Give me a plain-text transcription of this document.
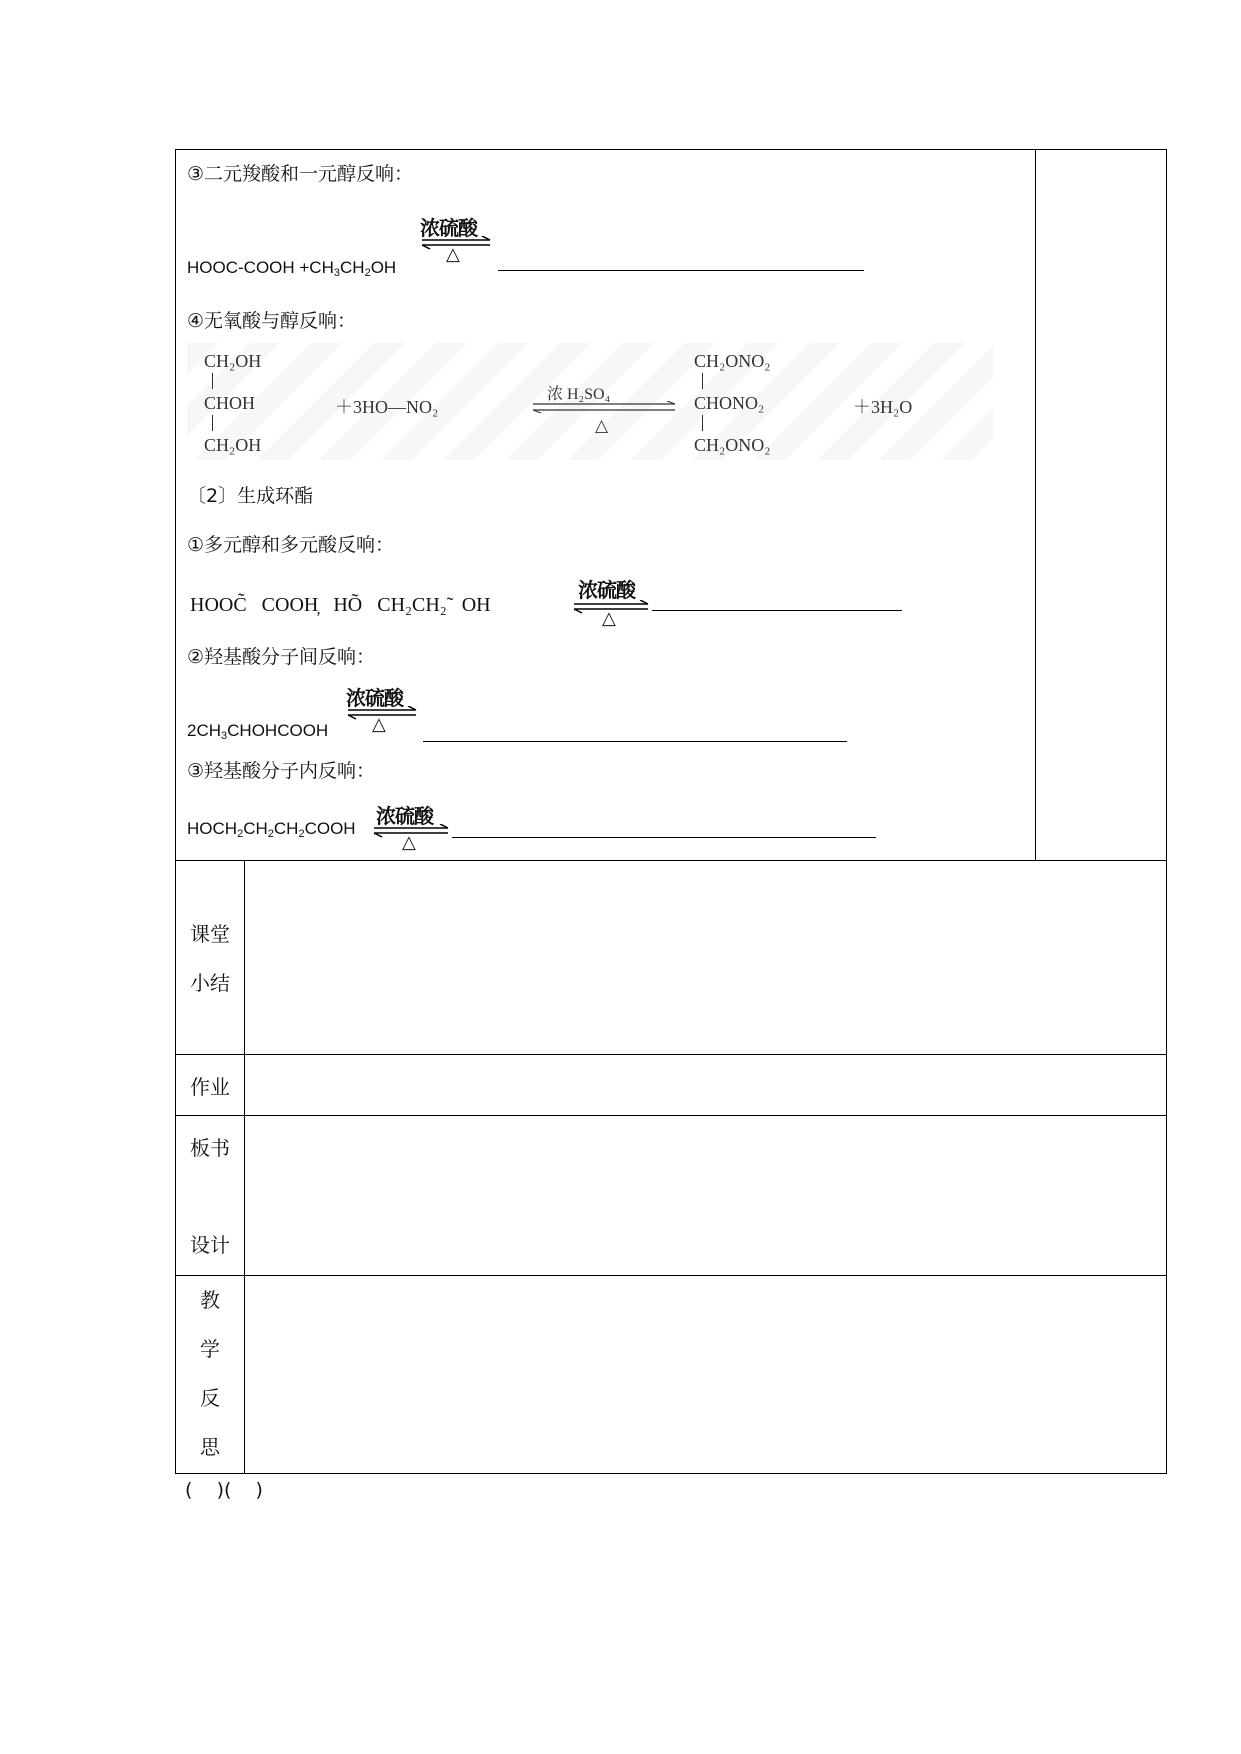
③二元羧酸和一元醇反响：
HOOC-COOH $+CH_3CH_2OH$
浓硫酸
△
④无氧酸与醇反响：
CH₂OH
CHOH
CH₂OH
＋3HO—NO₂
浓 H₂SO₄
△
CH₂ONO₂
CHONO₂
CH₂ONO₂
＋3H₂O
〔2〕生成环酯
①多元醇和多元酸反响：
HOOC̃   COOH̦   HÕ   CH₂CH₂̃   OH
浓硫酸
△
②羟基酸分子间反响：
$2CH_3CHOHCOOH$
浓硫酸
△
③羟基酸分子内反响：
$HOCH_2CH_2CH_2COOH$
浓硫酸
△
课堂
小结
作业
板书
设计
教
学
反
思
(    )(    )
